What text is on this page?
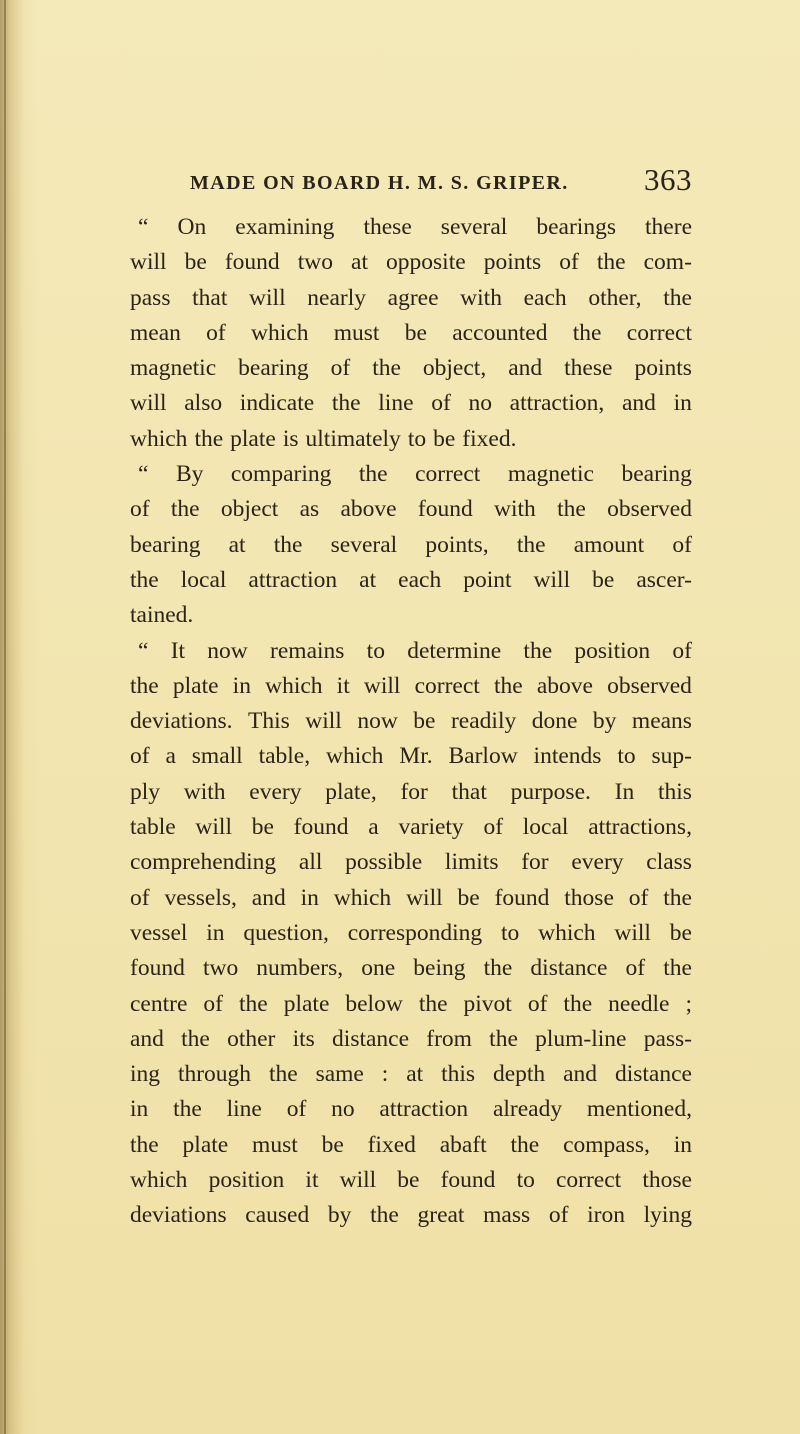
MADE ON BOARD H. M. S. GRIPER. 363
“ On examining these several bearings there
will be found two at opposite points of the com-
pass that will nearly agree with each other, the
mean of which must be accounted the correct
magnetic bearing of the object, and these points
will also indicate the line of no attraction, and in
which the plate is ultimately to be fixed.
“ By comparing the correct magnetic bearing
of the object as above found with the observed
bearing at the several points, the amount of
the local attraction at each point will be ascer-
tained.
“ It now remains to determine the position of
the plate in which it will correct the above observed
deviations. This will now be readily done by means
of a small table, which Mr. Barlow intends to sup-
ply with every plate, for that purpose. In this
table will be found a variety of local attractions,
comprehending all possible limits for every class
of vessels, and in which will be found those of the
vessel in question, corresponding to which will be
found two numbers, one being the distance of the
centre of the plate below the pivot of the needle ;
and the other its distance from the plum-line pass-
ing through the same : at this depth and distance
in the line of no attraction already mentioned,
the plate must be fixed abaft the compass, in
which position it will be found to correct those
deviations caused by the great mass of iron lying
